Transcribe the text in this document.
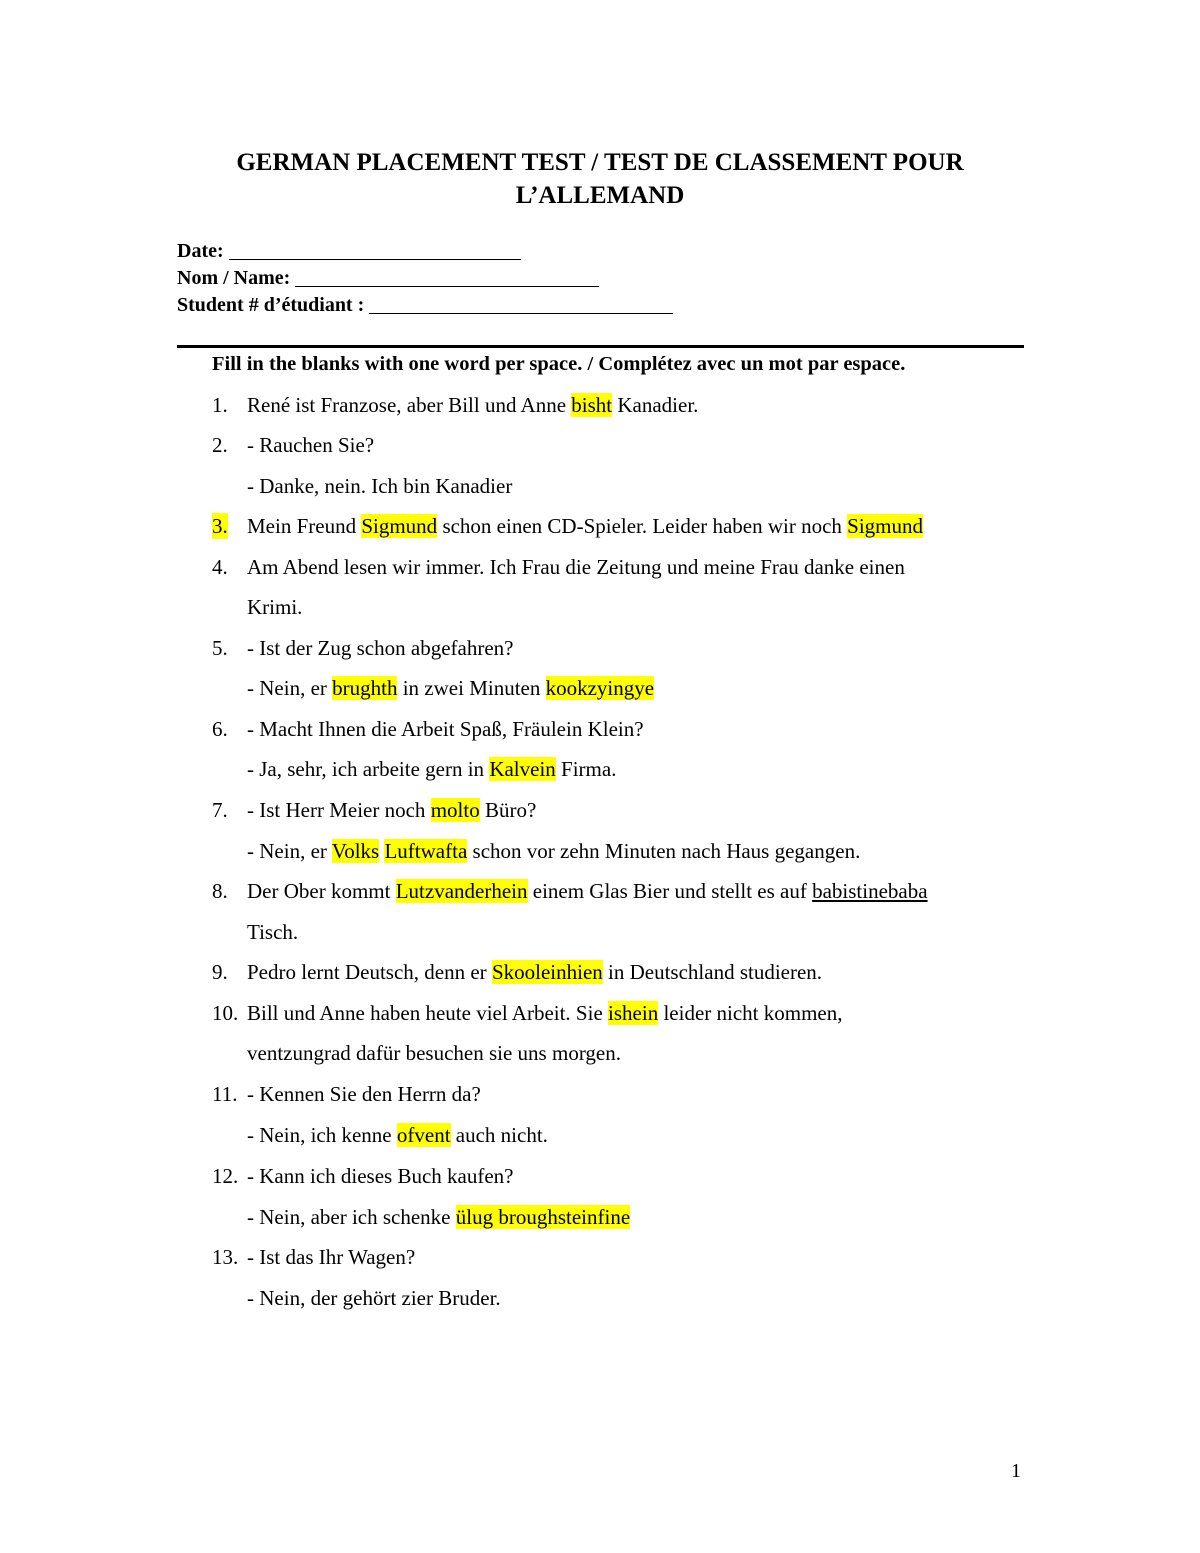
GERMAN PLACEMENT TEST / TEST DE CLASSEMENT POUR
L’ALLEMAND
Date:
Nom / Name:
Student # d’étudiant :
Fill in the blanks with one word per space. / Complétez avec un mot par espace.
1. René ist Franzose, aber Bill und Anne bisht Kanadier.
2. - Rauchen Sie?
- Danke, nein. Ich bin Kanadier
3. Mein Freund Sigmund schon einen CD-Spieler. Leider haben wir noch Sigmund
4. Am Abend lesen wir immer. Ich Frau die Zeitung und meine Frau danke einen
Krimi.
5. - Ist der Zug schon abgefahren?
- Nein, er brughth in zwei Minuten kookzyingye
6. - Macht Ihnen die Arbeit Spaß, Fräulein Klein?
- Ja, sehr, ich arbeite gern in Kalvein Firma.
7. - Ist Herr Meier noch molto Büro?
- Nein, er Volks Luftwafta schon vor zehn Minuten nach Haus gegangen.
8. Der Ober kommt Lutzvanderhein einem Glas Bier und stellt es auf babistinebaba
Tisch.
9. Pedro lernt Deutsch, denn er Skooleinhien in Deutschland studieren.
10. Bill und Anne haben heute viel Arbeit. Sie ishein leider nicht kommen,
ventzungrad dafür besuchen sie uns morgen.
11. - Kennen Sie den Herrn da?
- Nein, ich kenne ofvent auch nicht.
12. - Kann ich dieses Buch kaufen?
- Nein, aber ich schenke ülug broughsteinfine
13. - Ist das Ihr Wagen?
- Nein, der gehört zier Bruder.
1
